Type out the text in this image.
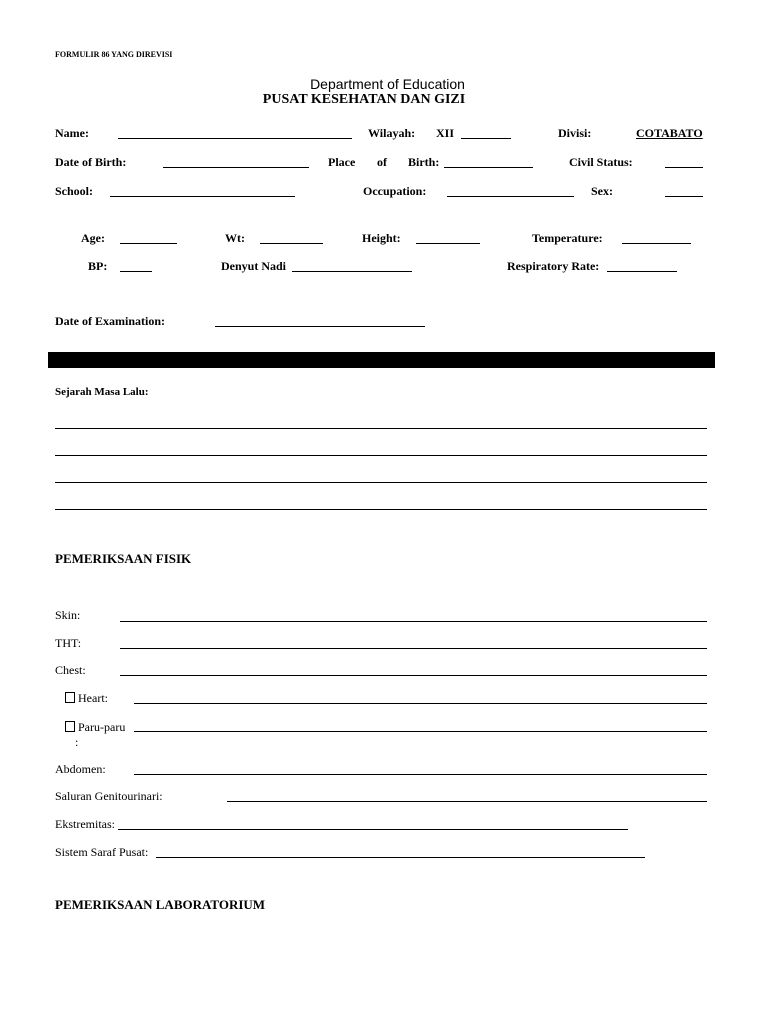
FORMULIR 86 YANG DIREVISI
Department of Education
PUSAT KESEHATAN DAN GIZI
Name:	Wilayah: XII	Divisi:	COTABATO
Date of Birth:	Place of Birth:	Civil Status:
School:	Occupation:	Sex:
Age:	Wt:	Height:	Temperature:
BP:	Denyut Nadi	Respiratory Rate:
Date of Examination:
Sejarah Masa Lalu:
PEMERIKSAAN FISIK
Skin:
THT:
Chest:
Heart:
Paru-paru
:
Abdomen:
Saluran Genitourinari:
Ekstremitas:
Sistem Saraf Pusat:
PEMERIKSAAN LABORATORIUM
